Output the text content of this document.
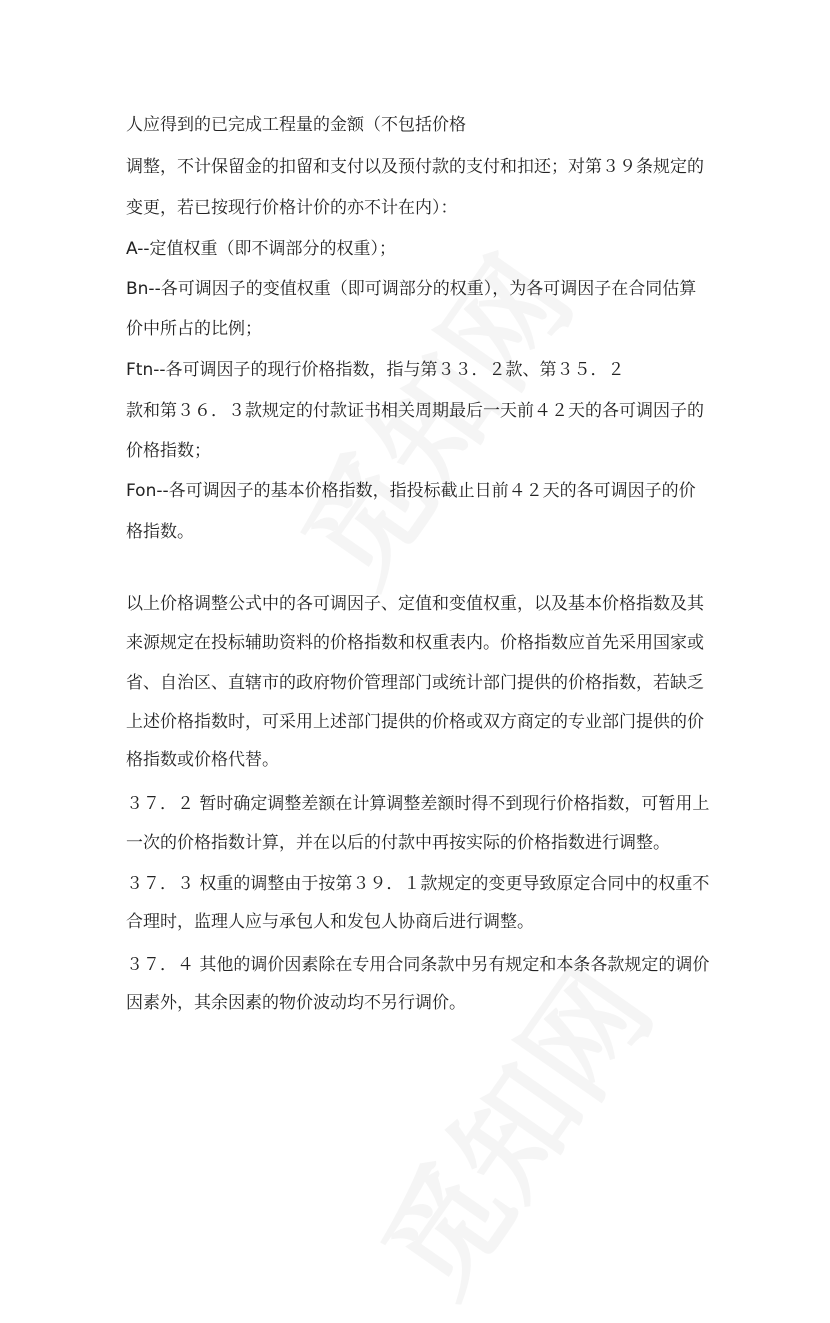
人应得到的已完成工程量的金额（不包括价格
调整，不计保留金的扣留和支付以及预付款的支付和扣还；对第３９条规定的
变更，若已按现行价格计价的亦不计在内）：
A--定值权重（即不调部分的权重）；
Bn--各可调因子的变值权重（即可调部分的权重），为各可调因子在合同估算
价中所占的比例；
Ftn--各可调因子的现行价格指数，指与第３３．２款、第３５．２
款和第３６．３款规定的付款证书相关周期最后一天前４２天的各可调因子的
价格指数；
Fon--各可调因子的基本价格指数，指投标截止日前４２天的各可调因子的价
格指数。
以上价格调整公式中的各可调因子、定值和变值权重，以及基本价格指数及其
来源规定在投标辅助资料的价格指数和权重表内。价格指数应首先采用国家或
省、自治区、直辖市的政府物价管理部门或统计部门提供的价格指数，若缺乏
上述价格指数时，可采用上述部门提供的价格或双方商定的专业部门提供的价
格指数或价格代替。
３７．２ 暂时确定调整差额在计算调整差额时得不到现行价格指数，可暂用上
一次的价格指数计算，并在以后的付款中再按实际的价格指数进行调整。
３７．３ 权重的调整由于按第３９．１款规定的变更导致原定合同中的权重不
合理时，监理人应与承包人和发包人协商后进行调整。
３７．４ 其他的调价因素除在专用合同条款中另有规定和本条各款规定的调价
因素外，其余因素的物价波动均不另行调价。
